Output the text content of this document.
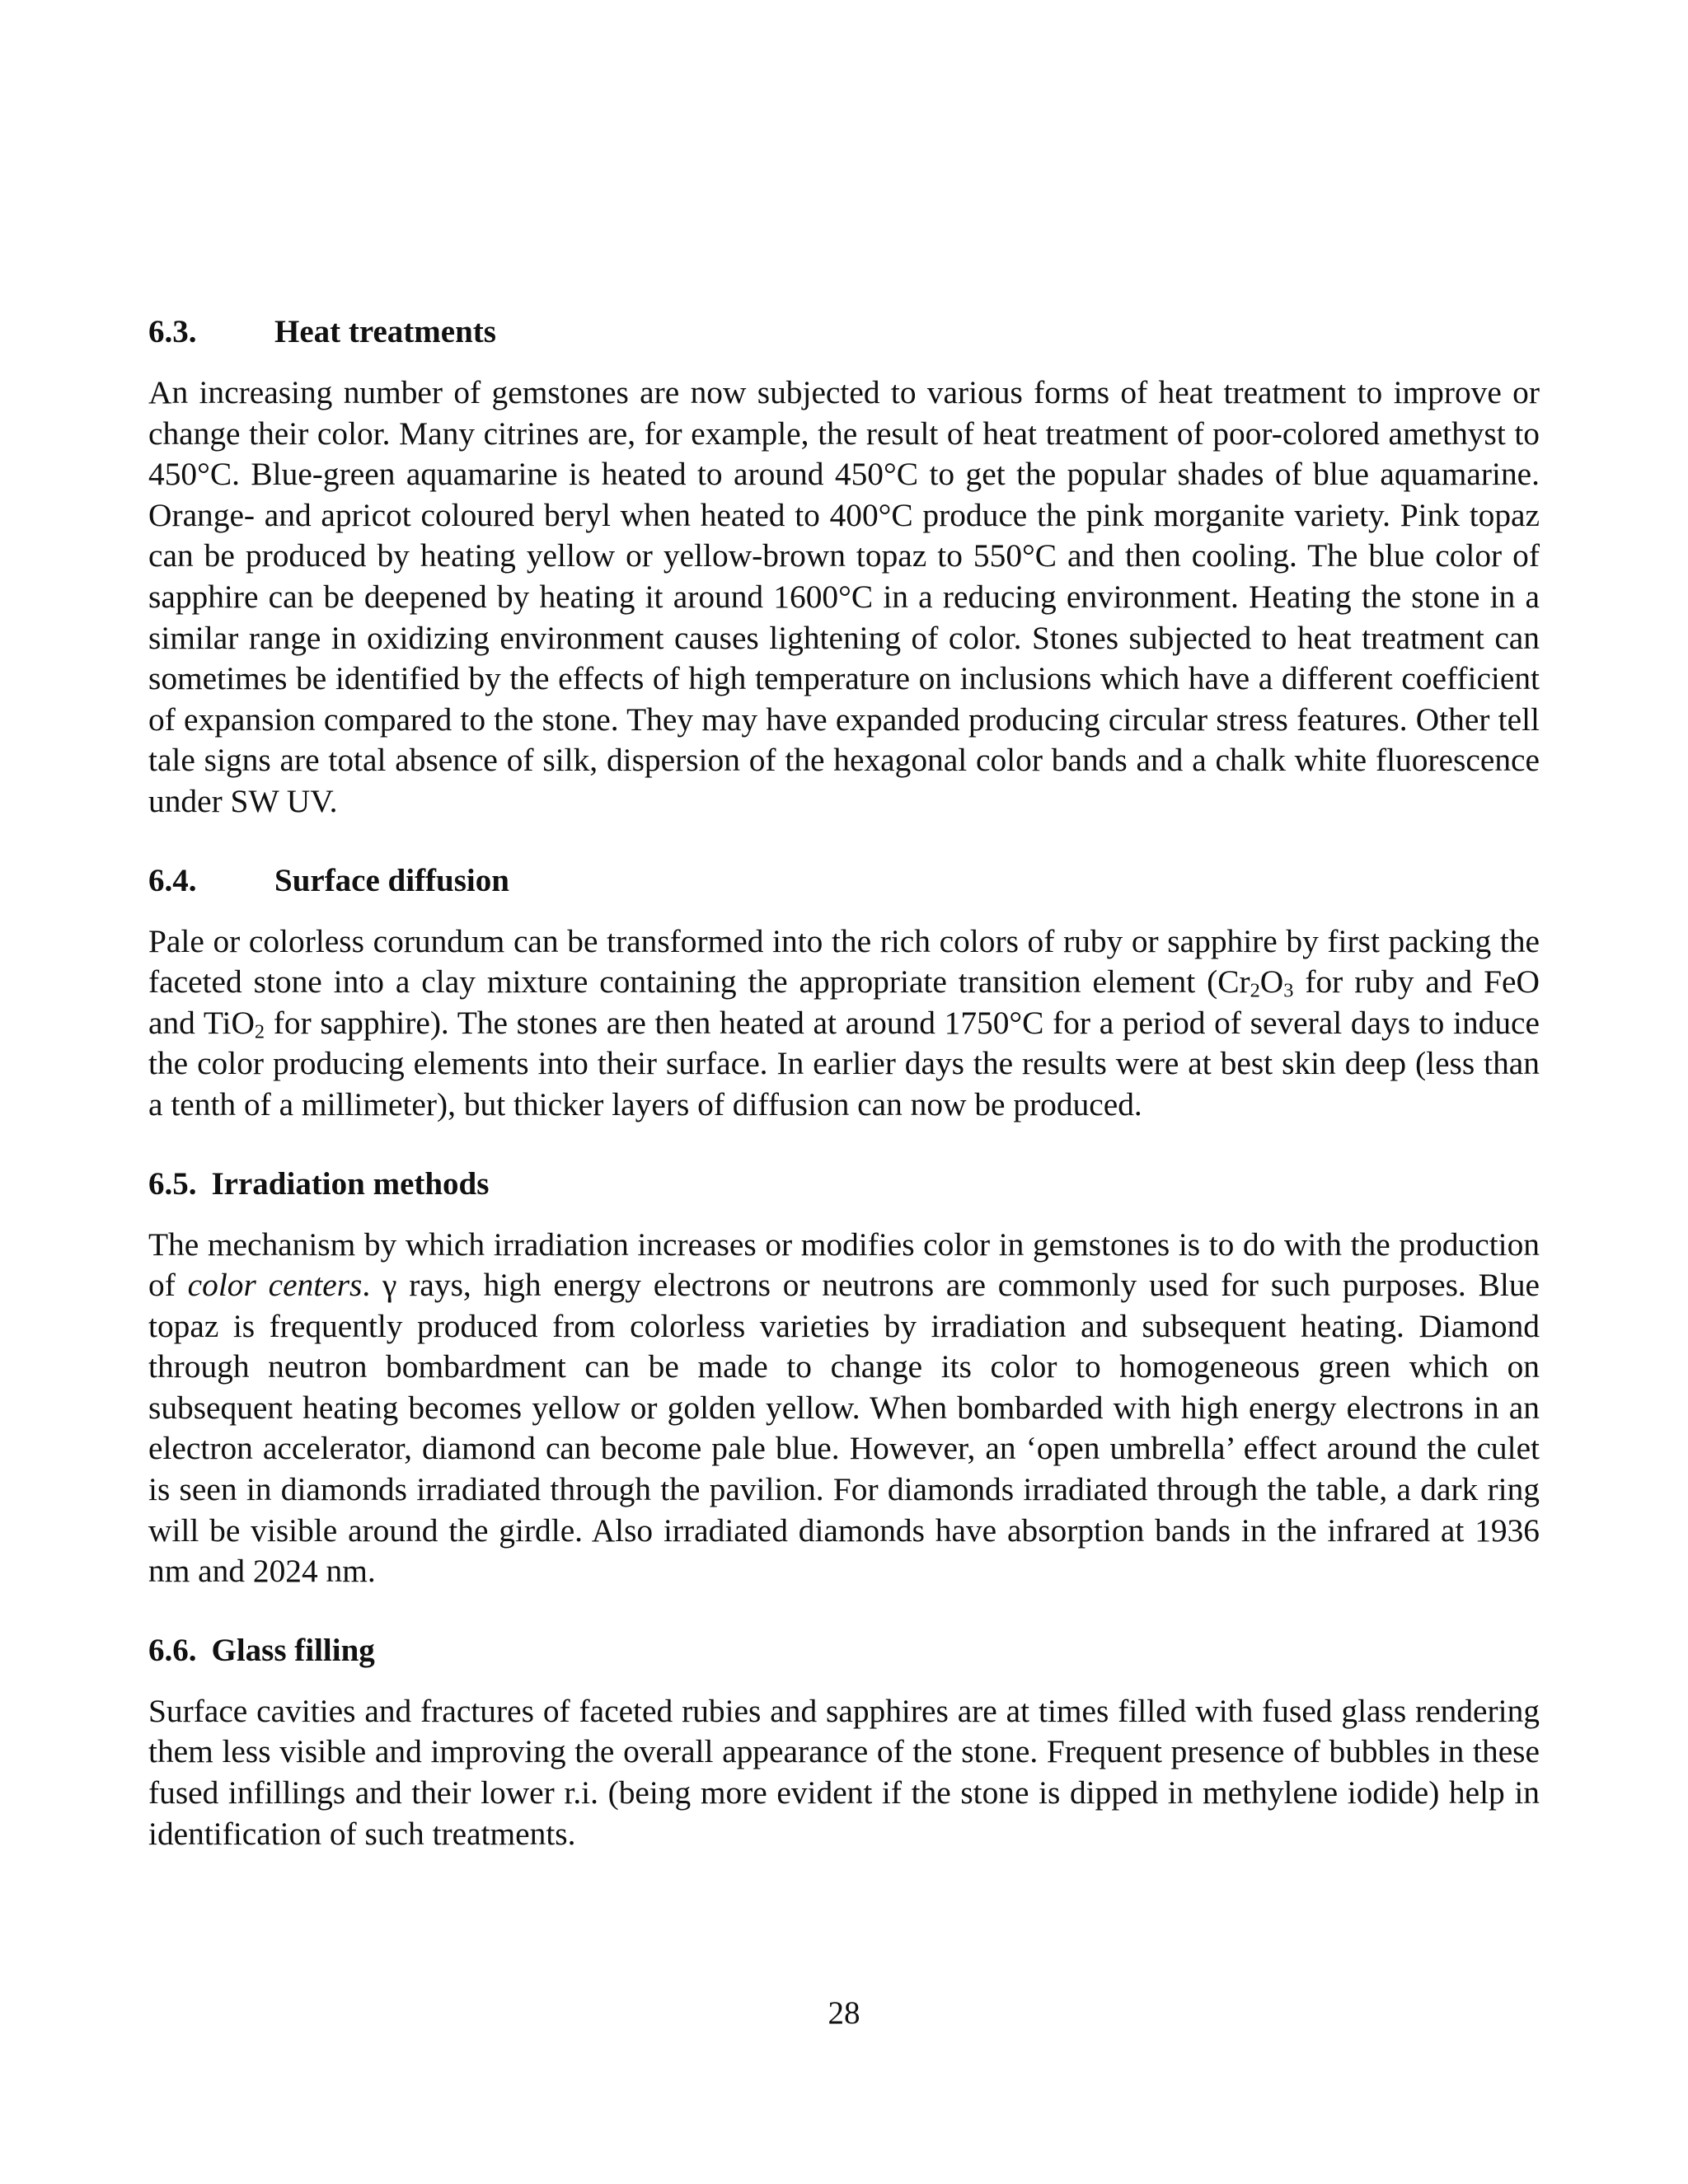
6.3. Heat treatments

An increasing number of gemstones are now subjected to various forms of heat treatment to improve or change their color. Many citrines are, for example, the result of heat treatment of poor-colored amethyst to 450°C. Blue-green aquamarine is heated to around 450°C to get the popular shades of blue aquamarine. Orange- and apricot coloured beryl when heated to 400°C produce the pink morganite variety. Pink topaz can be produced by heating yellow or yellow-brown topaz to 550°C and then cooling. The blue color of sapphire can be deepened by heating it around 1600°C in a reducing environment. Heating the stone in a similar range in oxidizing environment causes lightening of color. Stones subjected to heat treatment can sometimes be identified by the effects of high temperature on inclusions which have a different coefficient of expansion compared to the stone. They may have expanded producing circular stress features. Other tell tale signs are total absence of silk, dispersion of the hexagonal color bands and a chalk white fluorescence under SW UV.

6.4. Surface diffusion

Pale or colorless corundum can be transformed into the rich colors of ruby or sapphire by first packing the faceted stone into a clay mixture containing the appropriate transition element ($Cr_2O_3$ for ruby and FeO and TiO$_2$ for sapphire). The stones are then heated at around 1750°C for a period of several days to induce the color producing elements into their surface. In earlier days the results were at best skin deep (less than a tenth of a millimeter), but thicker layers of diffusion can now be produced.

6.5. Irradiation methods

The mechanism by which irradiation increases or modifies color in gemstones is to do with the production of color centers. γ rays, high energy electrons or neutrons are commonly used for such purposes. Blue topaz is frequently produced from colorless varieties by irradiation and subsequent heating. Diamond through neutron bombardment can be made to change its color to homogeneous green which on subsequent heating becomes yellow or golden yellow. When bombarded with high energy electrons in an electron accelerator, diamond can become pale blue. However, an ‘open umbrella’ effect around the culet is seen in diamonds irradiated through the pavilion. For diamonds irradiated through the table, a dark ring will be visible around the girdle. Also irradiated diamonds have absorption bands in the infrared at 1936 nm and 2024 nm.

6.6. Glass filling

Surface cavities and fractures of faceted rubies and sapphires are at times filled with fused glass rendering them less visible and improving the overall appearance of the stone. Frequent presence of bubbles in these fused infillings and their lower r.i. (being more evident if the stone is dipped in methylene iodide) help in identification of such treatments.

28
